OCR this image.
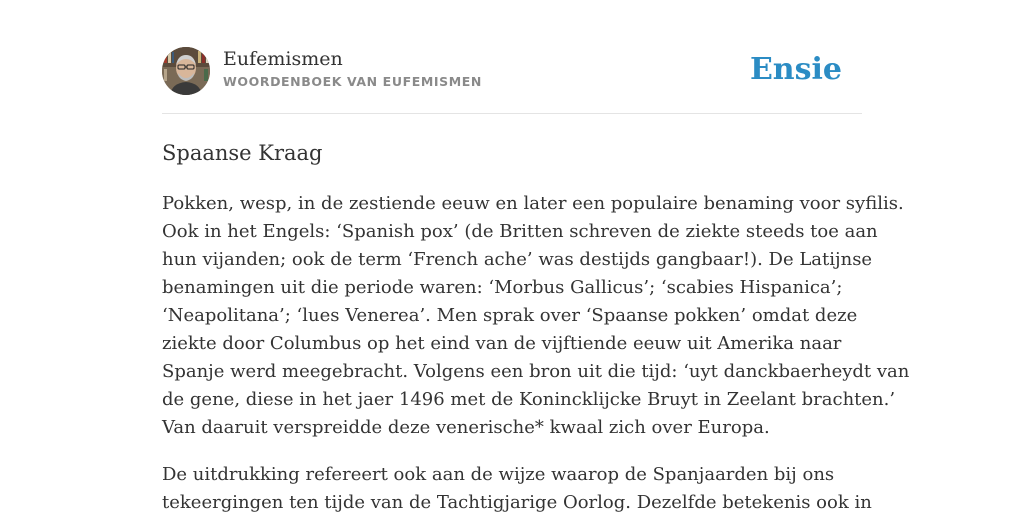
Eufemismen
WOORDENBOEK VAN EUFEMISMEN	Ensie
Spaanse Kraag

Pokken, wesp, in de zestiende eeuw en later een populaire benaming voor syfilis.
Ook in het Engels: ‘Spanish pox’ (de Britten schreven de ziekte steeds toe aan
hun vijanden; ook de term ‘French ache’ was destijds gangbaar!). De Latijnse
benamingen uit die periode waren: ‘Morbus Gallicus’; ‘scabies Hispanica’;
‘Neapolitana’; ‘lues Venerea’. Men sprak over ‘Spaanse pokken’ omdat deze
ziekte door Columbus op het eind van de vijftiende eeuw uit Amerika naar
Spanje werd meegebracht. Volgens een bron uit die tijd: ‘uyt danckbaerheydt van
de gene, diese in het jaer 1496 met de Konincklijcke Bruyt in Zeelant brachten.’
Van daaruit verspreidde deze venerische* kwaal zich over Europa.

De uitdrukking refereert ook aan de wijze waarop de Spanjaarden bij ons
tekeergingen ten tijde van de Tachtigjarige Oorlog. Dezelfde betekenis ook in
